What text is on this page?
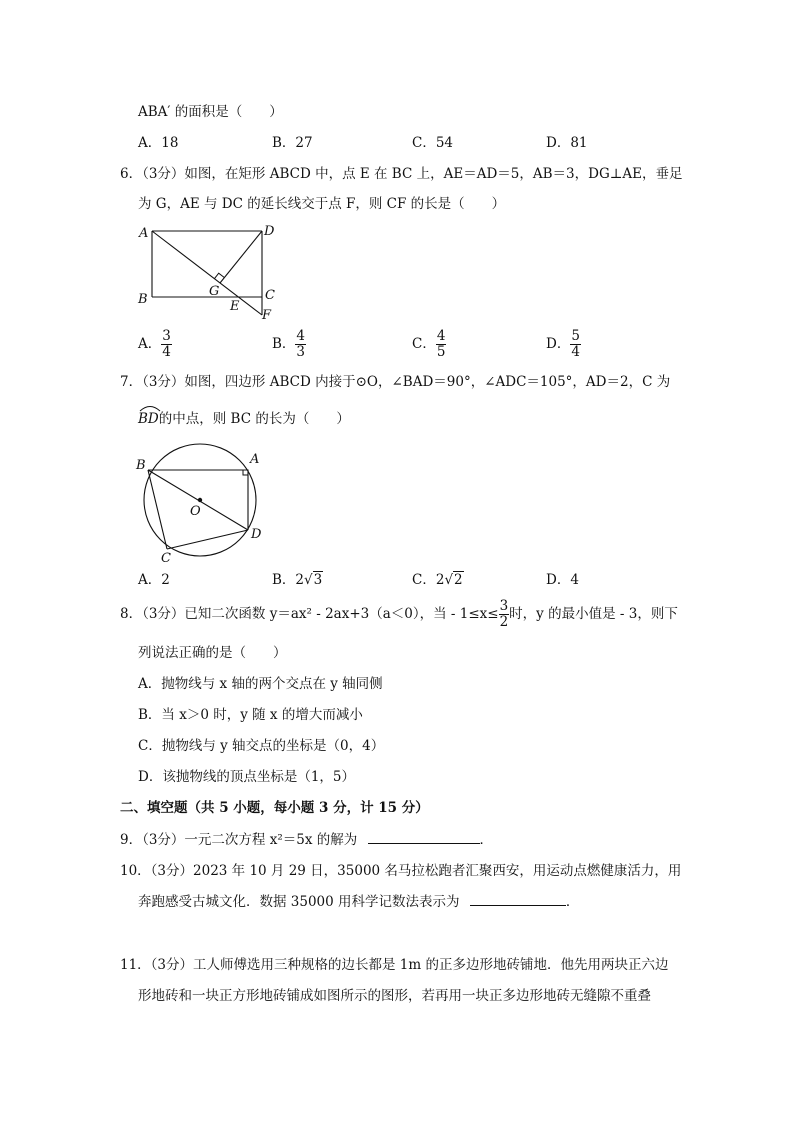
ABA′ 的面积是（　　）
A．18	B．27	C．54	D．81
6．（3分）如图，在矩形 ABCD 中，点 E 在 BC 上，AE＝AD＝5，AB＝3，DG⊥AE，垂足
为 G，AE 与 DC 的延长线交于点 F，则 CF 的长是（　　）
A	D
B
G
E
C
F
A． $\frac{3}{4}$	B． $\frac{4}{3}$	C． $\frac{4}{5}$	D． $\frac{5}{4}$
7．（3分）如图，四边形 ABCD 内接于⊙O，∠BAD＝90°，∠ADC＝105°，AD＝2，C 为
BD的中点，则 BC 的长为（　　）
B	A
O
D
C
A．2	B．2√3	C．2√2	D．4
8．（3分）已知二次函数 y＝ax² - 2ax+3（a＜0），当 - $1\le x\le \frac{3}{2}$ 时，y 的最小值是 - 3，则下
列说法正确的是（　　）
A．抛物线与 x 轴的两个交点在 y 轴同侧
B．当 x＞0 时，y 随 x 的增大而减小
C．抛物线与 y 轴交点的坐标是（0，4）
D．该抛物线的顶点坐标是（1，5）
二、填空题（共 5 小题，每小题 3 分，计 15 分）
9．（3分）一元二次方程 x²＝5x 的解为	．
10．（3分）2023 年 10 月 29 日，35000 名马拉松跑者汇聚西安，用运动点燃健康活力，用
奔跑感受古城文化．数据 35000 用科学记数法表示为	．
11．（3分）工人师傅选用三种规格的边长都是 1m 的正多边形地砖铺地．他先用两块正六边
形地砖和一块正方形地砖铺成如图所示的图形，若再用一块正多边形地砖无缝隙不重叠
